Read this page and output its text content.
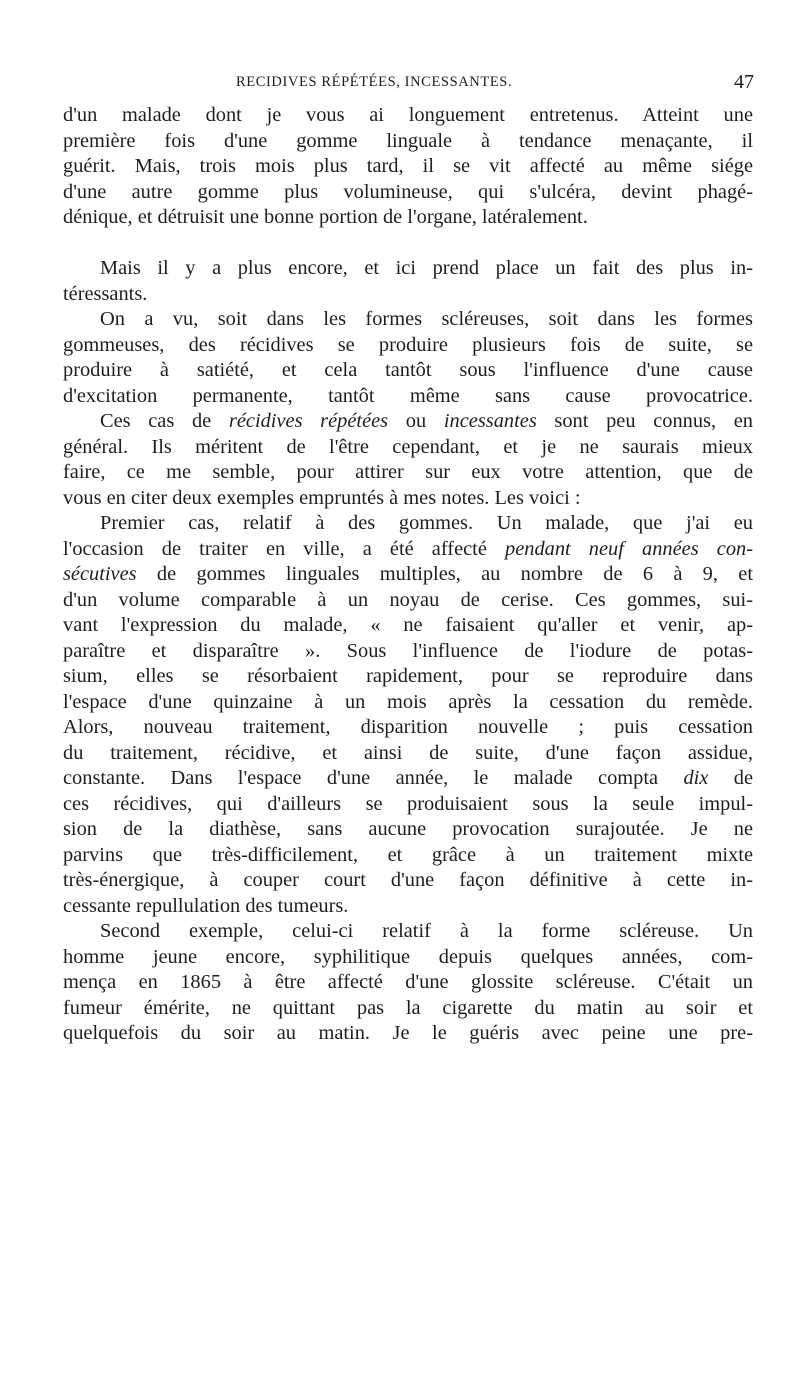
RECIDIVES RÉPÉTÉES, INCESSANTES.	47
d'un malade dont je vous ai longuement entretenus. Atteint une
première fois d'une gomme linguale à tendance menaçante, il
guérit. Mais, trois mois plus tard, il se vit affecté au même siége
d'une autre gomme plus volumineuse, qui s'ulcéra, devint phagé-
dénique, et détruisit une bonne portion de l'organe, latéralement.
Mais il y a plus encore, et ici prend place un fait des plus in-
téressants.
On a vu, soit dans les formes scléreuses, soit dans les formes
gommeuses, des récidives se produire plusieurs fois de suite, se
produire à satiété, et cela tantôt sous l'influence d'une cause
d'excitation permanente, tantôt même sans cause provocatrice.
Ces cas de récidives répétées ou incessantes sont peu connus, en
général. Ils méritent de l'être cependant, et je ne saurais mieux
faire, ce me semble, pour attirer sur eux votre attention, que de
vous en citer deux exemples empruntés à mes notes. Les voici :
Premier cas, relatif à des gommes. Un malade, que j'ai eu
l'occasion de traiter en ville, a été affecté pendant neuf années con-
sécutives de gommes linguales multiples, au nombre de 6 à 9, et
d'un volume comparable à un noyau de cerise. Ces gommes, sui-
vant l'expression du malade, « ne faisaient qu'aller et venir, ap-
paraître et disparaître ». Sous l'influence de l'iodure de potas-
sium, elles se résorbaient rapidement, pour se reproduire dans
l'espace d'une quinzaine à un mois après la cessation du remède.
Alors, nouveau traitement, disparition nouvelle ; puis cessation
du traitement, récidive, et ainsi de suite, d'une façon assidue,
constante. Dans l'espace d'une année, le malade compta dix de
ces récidives, qui d'ailleurs se produisaient sous la seule impul-
sion de la diathèse, sans aucune provocation surajoutée. Je ne
parvins que très-difficilement, et grâce à un traitement mixte
très-énergique, à couper court d'une façon définitive à cette in-
cessante repullulation des tumeurs.
Second exemple, celui-ci relatif à la forme scléreuse. Un
homme jeune encore, syphilitique depuis quelques années, com-
mença en 1865 à être affecté d'une glossite scléreuse. C'était un
fumeur émérite, ne quittant pas la cigarette du matin au soir et
quelquefois du soir au matin. Je le guéris avec peine une pre-
